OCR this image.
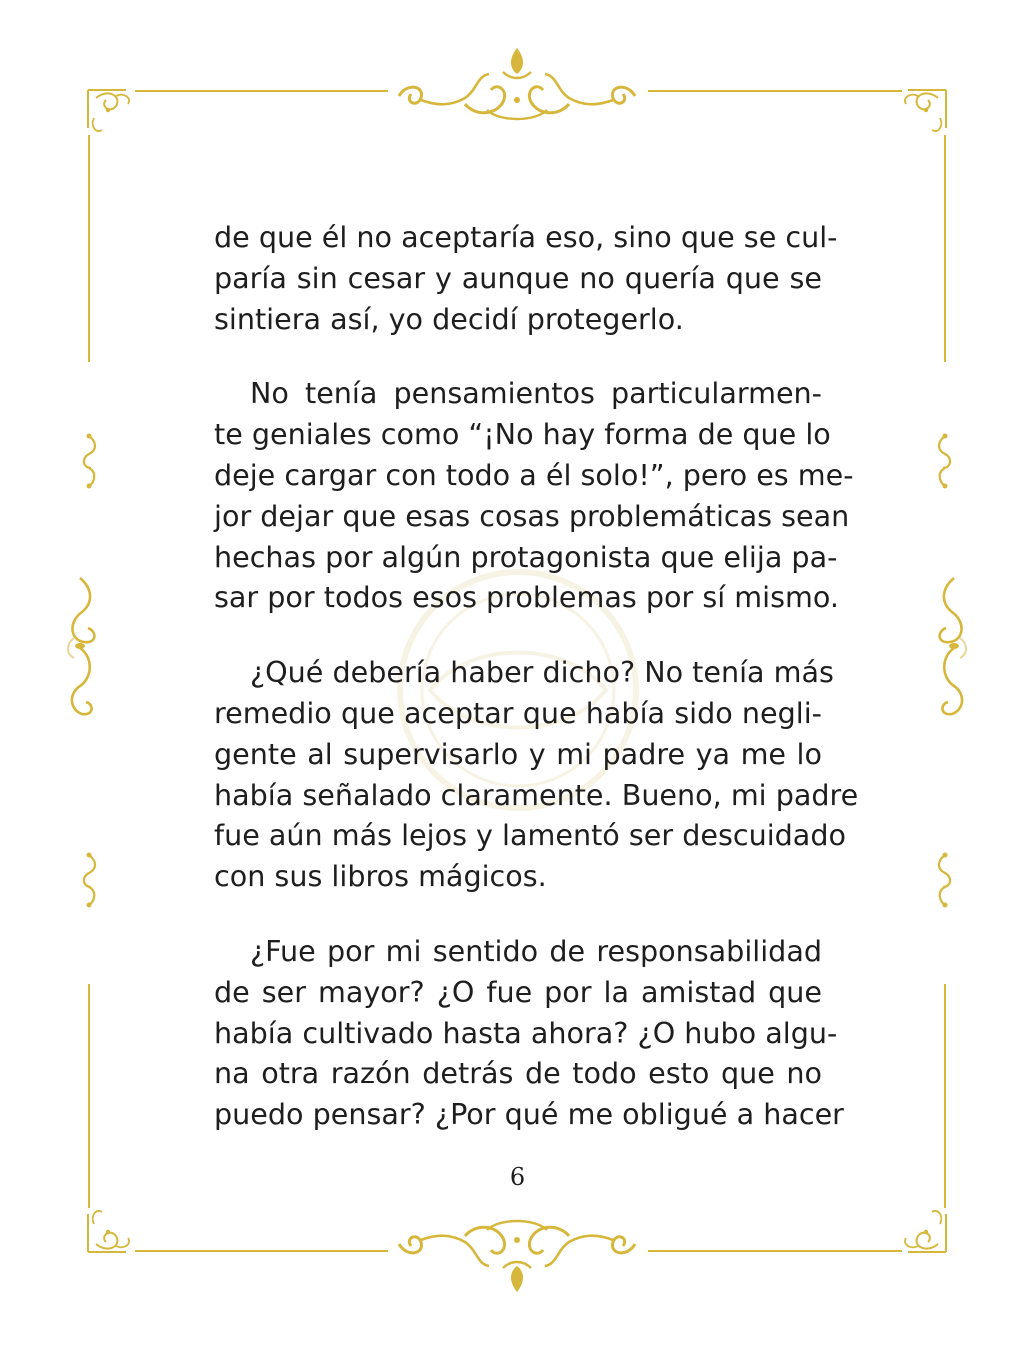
de que él no aceptaría eso, sino que se cul-
paría sin cesar y aunque no quería que se
sintiera así, yo decidí protegerlo.

No tenía pensamientos particularmen-
te geniales como “¡No hay forma de que lo
deje cargar con todo a él solo!”, pero es me-
jor dejar que esas cosas problemáticas sean
hechas por algún protagonista que elija pa-
sar por todos esos problemas por sí mismo.

¿Qué debería haber dicho? No tenía más
remedio que aceptar que había sido negli-
gente al supervisarlo y mi padre ya me lo
había señalado claramente. Bueno, mi padre
fue aún más lejos y lamentó ser descuidado
con sus libros mágicos.

¿Fue por mi sentido de responsabilidad
de ser mayor? ¿O fue por la amistad que
había cultivado hasta ahora? ¿O hubo algu-
na otra razón detrás de todo esto que no
puedo pensar? ¿Por qué me obligué a hacer

6
